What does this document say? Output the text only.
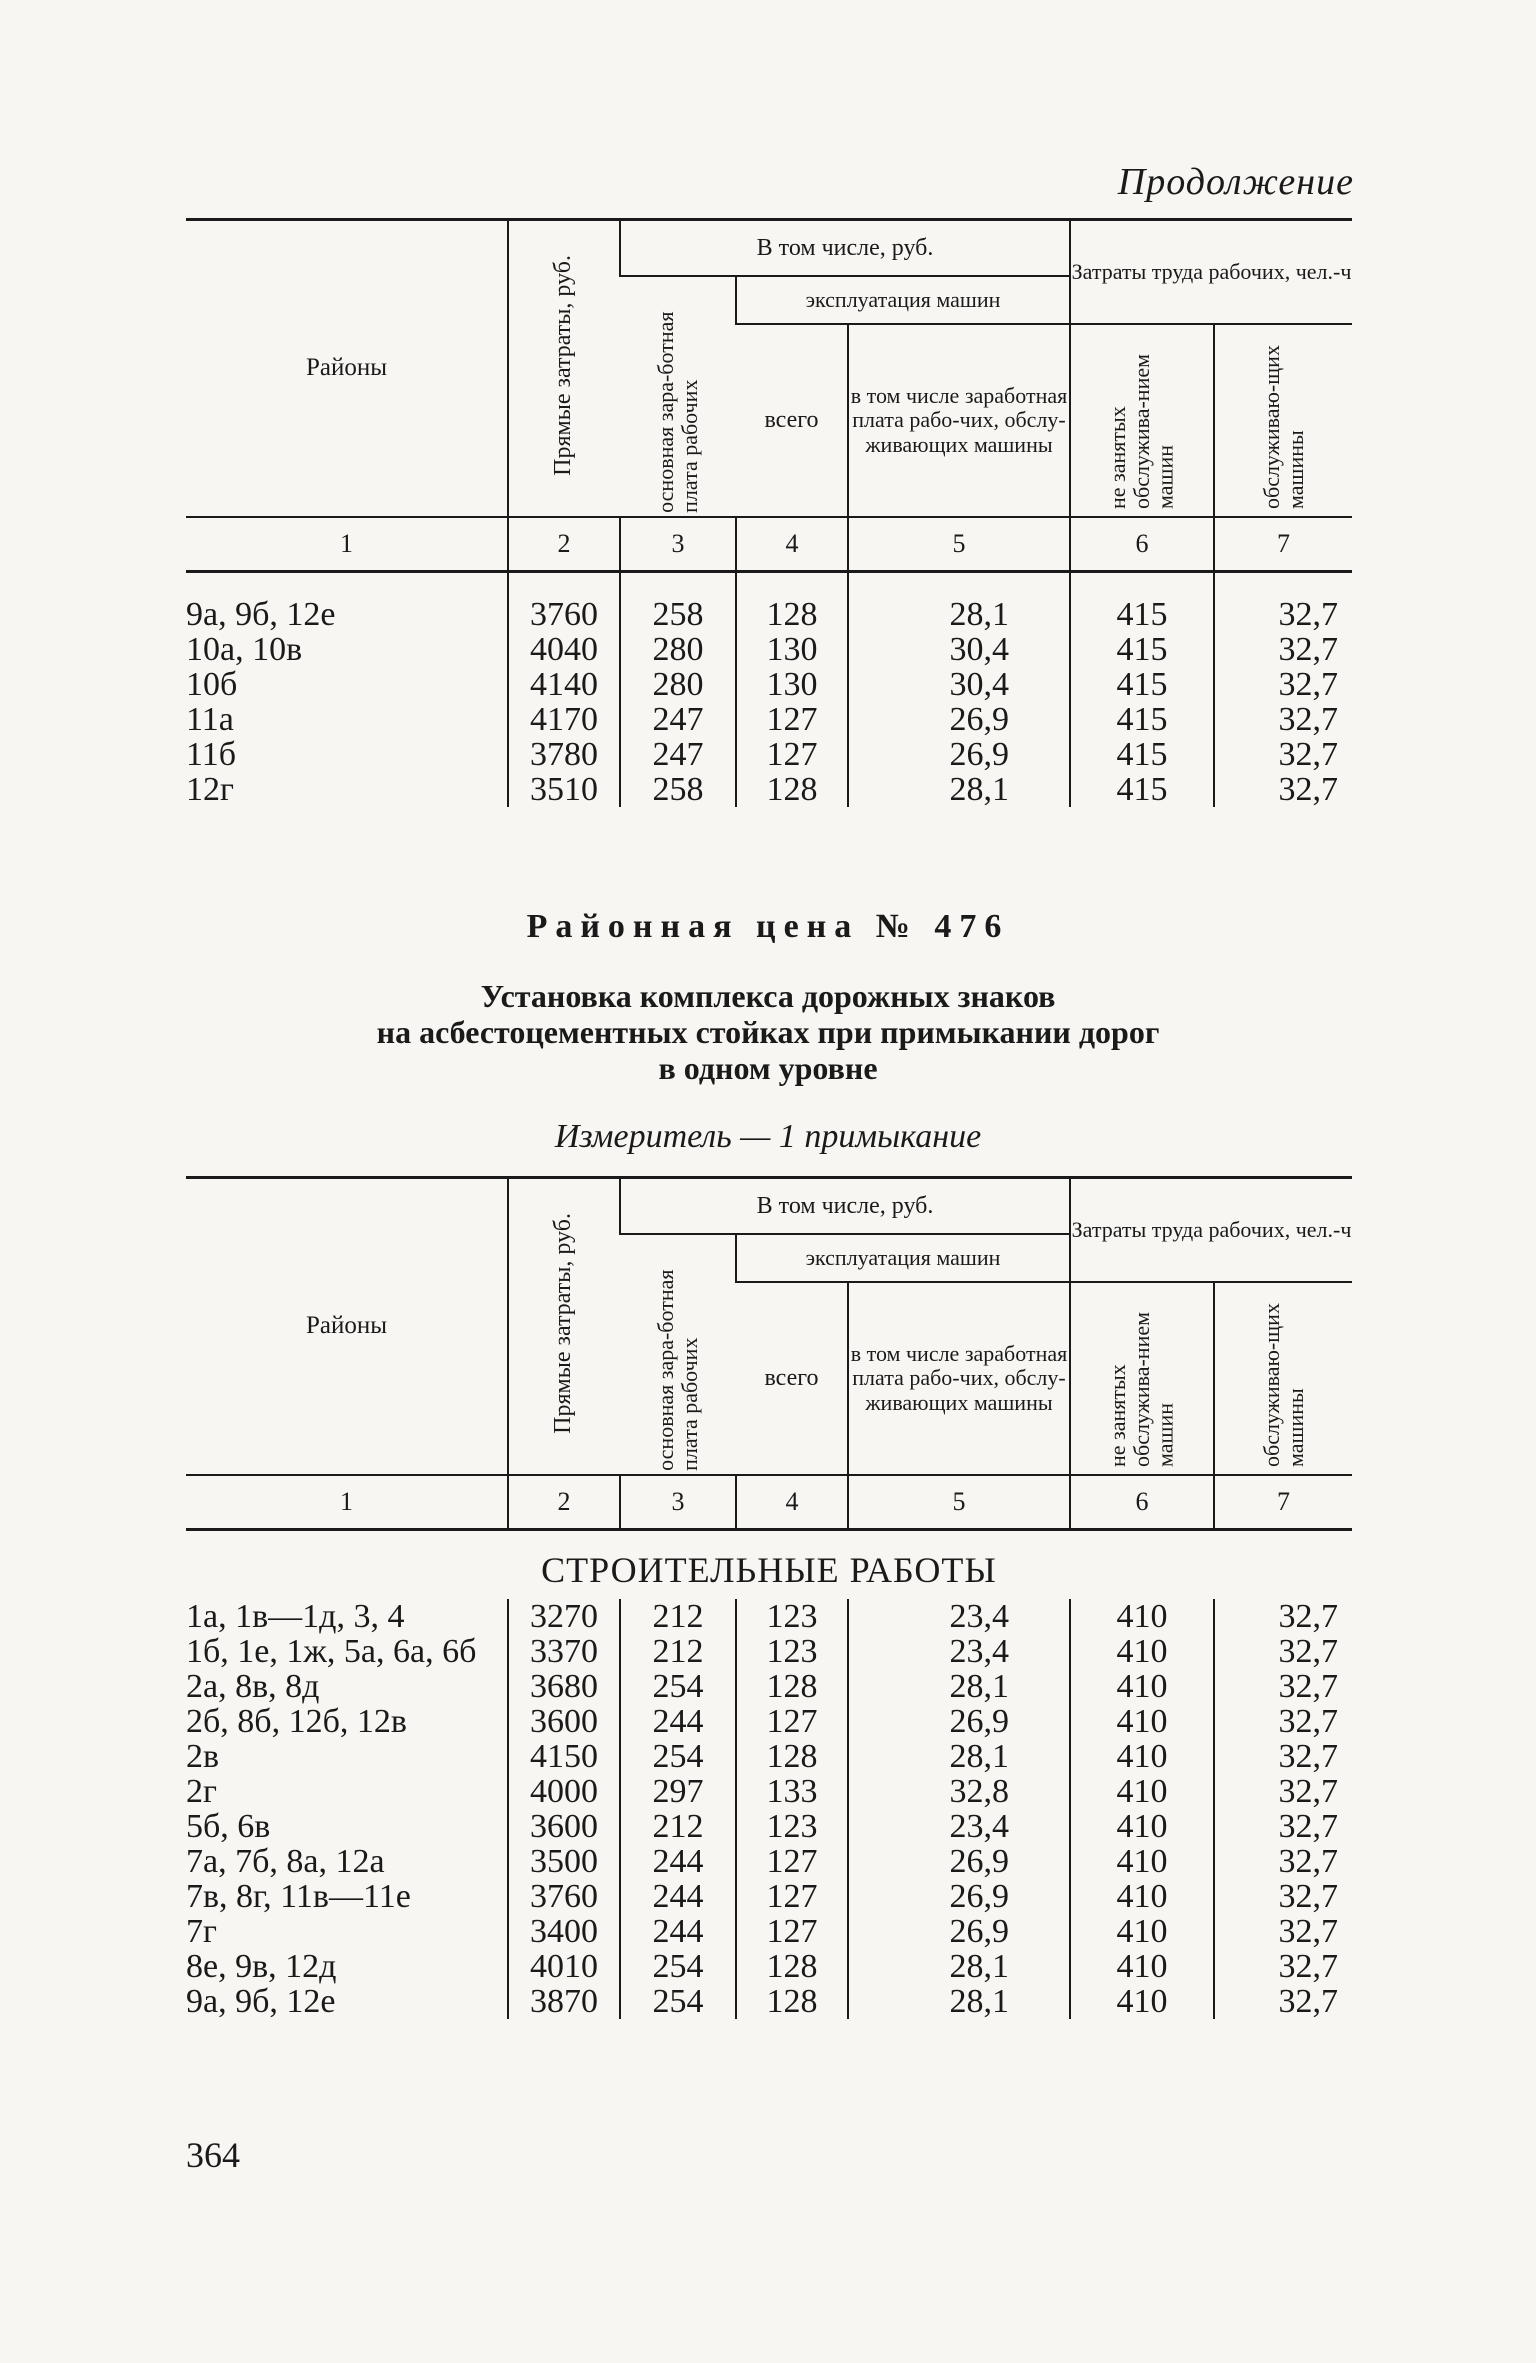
Продолжение
Районы	Прямые затраты, руб.	В том числе, руб.			Затраты труда рабочих, чел.-ч	
		основная зара-ботная плата рабочих	эксплуатация машин			
			всего	в том числе заработная плата рабо-чих, обслу-живающих машины	не занятых обслужива-нием машин	обслуживаю-щих машины
1	2	3	4	5	6	7

9а, 9б, 12е	3760	258	128	28,1	415	32,7
10а, 10в	4040	280	130	30,4	415	32,7
10б	4140	280	130	30,4	415	32,7
11а	4170	247	127	26,9	415	32,7
11б	3780	247	127	26,9	415	32,7
12г	3510	258	128	28,1	415	32,7
Районная цена № 476
Установка комплекса дорожных знаков
на асбестоцементных стойках при примыкании дорог
в одном уровне
Измеритель — 1 примыкание
Районы	Прямые затраты, руб.	В том числе, руб.			Затраты труда рабочих, чел.-ч	
		основная зара-ботная плата рабочих	эксплуатация машин			
			всего	в том числе заработная плата рабо-чих, обслу-живающих машины	не занятых обслужива-нием машин	обслуживаю-щих машины
1	2	3	4	5	6	7
СТРОИТЕЛЬНЫЕ РАБОТЫ						
1а, 1в—1д, 3, 4	3270	212	123	23,4	410	32,7
1б, 1е, 1ж, 5а, 6а, 6б	3370	212	123	23,4	410	32,7
2а, 8в, 8д	3680	254	128	28,1	410	32,7
2б, 8б, 12б, 12в	3600	244	127	26,9	410	32,7
2в	4150	254	128	28,1	410	32,7
2г	4000	297	133	32,8	410	32,7
5б, 6в	3600	212	123	23,4	410	32,7
7а, 7б, 8а, 12а	3500	244	127	26,9	410	32,7
7в, 8г, 11в—11е	3760	244	127	26,9	410	32,7
7г	3400	244	127	26,9	410	32,7
8е, 9в, 12д	4010	254	128	28,1	410	32,7
9а, 9б, 12е	3870	254	128	28,1	410	32,7
364
